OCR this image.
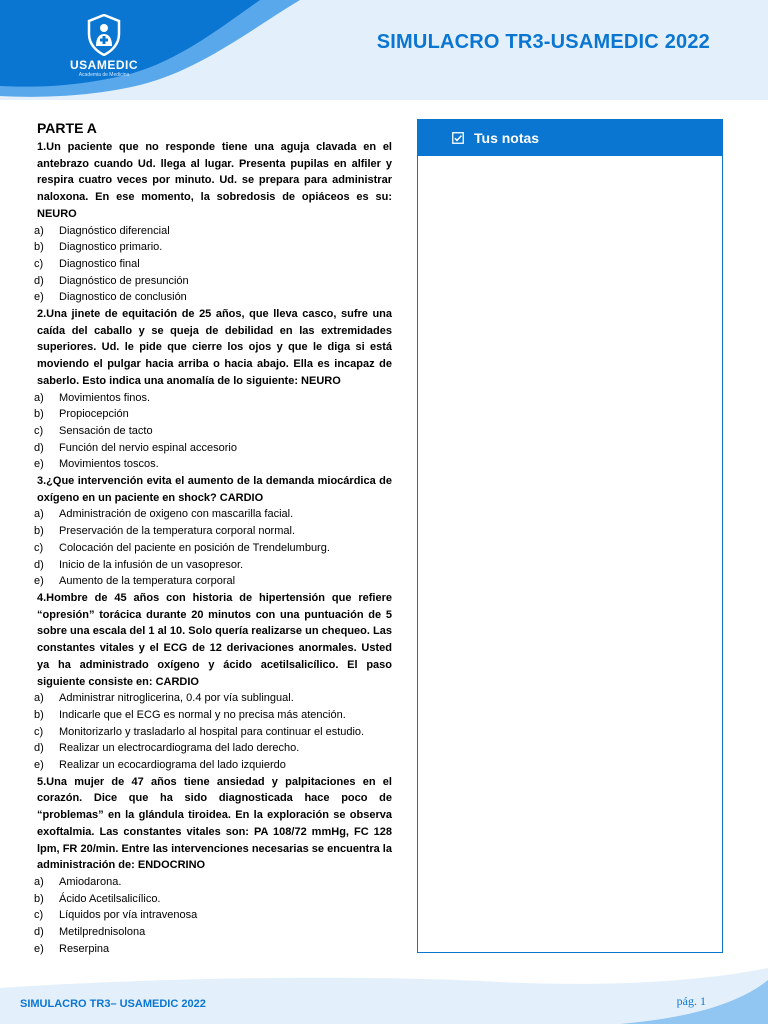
USAMEDIC
Academia de Medicina
SIMULACRO TR3-USAMEDIC 2022
PARTE A

1.Un paciente que no responde tiene una aguja clavada en el antebrazo cuando Ud. llega al lugar. Presenta pupilas en alfiler y respira cuatro veces por minuto. Ud. se prepara para administrar naloxona. En ese momento, la sobredosis de opiáceos es su: NEURO

a)	Diagnóstico diferencial
b)	Diagnostico primario.
c)	Diagnostico final
d)	Diagnóstico de presunción
e)	Diagnostico de conclusión

2.Una jinete de equitación de 25 años, que lleva casco, sufre una caída del caballo y se queja de debilidad en las extremidades superiores. Ud. le pide que cierre los ojos y que le diga si está moviendo el pulgar hacia arriba o hacia abajo. Ella es incapaz de saberlo. Esto indica una anomalía de lo siguiente: NEURO

a)	Movimientos finos.
b)	Propiocepción
c)	Sensación de tacto
d)	Función del nervio espinal accesorio
e)	Movimientos toscos.

3.¿Que intervención evita el aumento de la demanda miocárdica de oxígeno en un paciente en shock? CARDIO

a)	Administración de oxigeno con mascarilla facial.
b)	Preservación de la temperatura corporal normal.
c)	Colocación del paciente en posición de Trendelumburg.
d)	Inicio de la infusión de un vasopresor.
e)	Aumento de la temperatura corporal

4.Hombre de 45 años con historia de hipertensión que refiere “opresión” torácica durante 20 minutos con una puntuación de 5 sobre una escala del 1 al 10. Solo quería realizarse un chequeo. Las constantes vitales y el ECG de 12 derivaciones anormales. Usted ya ha administrado oxígeno y ácido acetilsalicílico. El paso siguiente consiste en: CARDIO

a)	Administrar nitroglicerina, 0.4 por vía sublingual.
b)	Indicarle que el ECG es normal y no precisa más atención.
c)	Monitorizarlo y trasladarlo al hospital para continuar el estudio.
d)	Realizar un electrocardiograma del lado derecho.
e)	Realizar un ecocardiograma del lado izquierdo

5.Una mujer de 47 años tiene ansiedad y palpitaciones en el corazón. Dice que ha sido diagnosticada hace poco de “problemas” en la glándula tiroidea. En la exploración se observa exoftalmia. Las constantes vitales son: PA 108/72 mmHg, FC 128 lpm, FR 20/min. Entre las intervenciones necesarias se encuentra la administración de: ENDOCRINO

a)	Amiodarona.
b)	Ácido Acetilsalicílico.
c)	Líquidos por vía intravenosa
d)	Metilprednisolona
e)	Reserpina
Tus notas
SIMULACRO TR3– USAMEDIC 2022	pág. 1
